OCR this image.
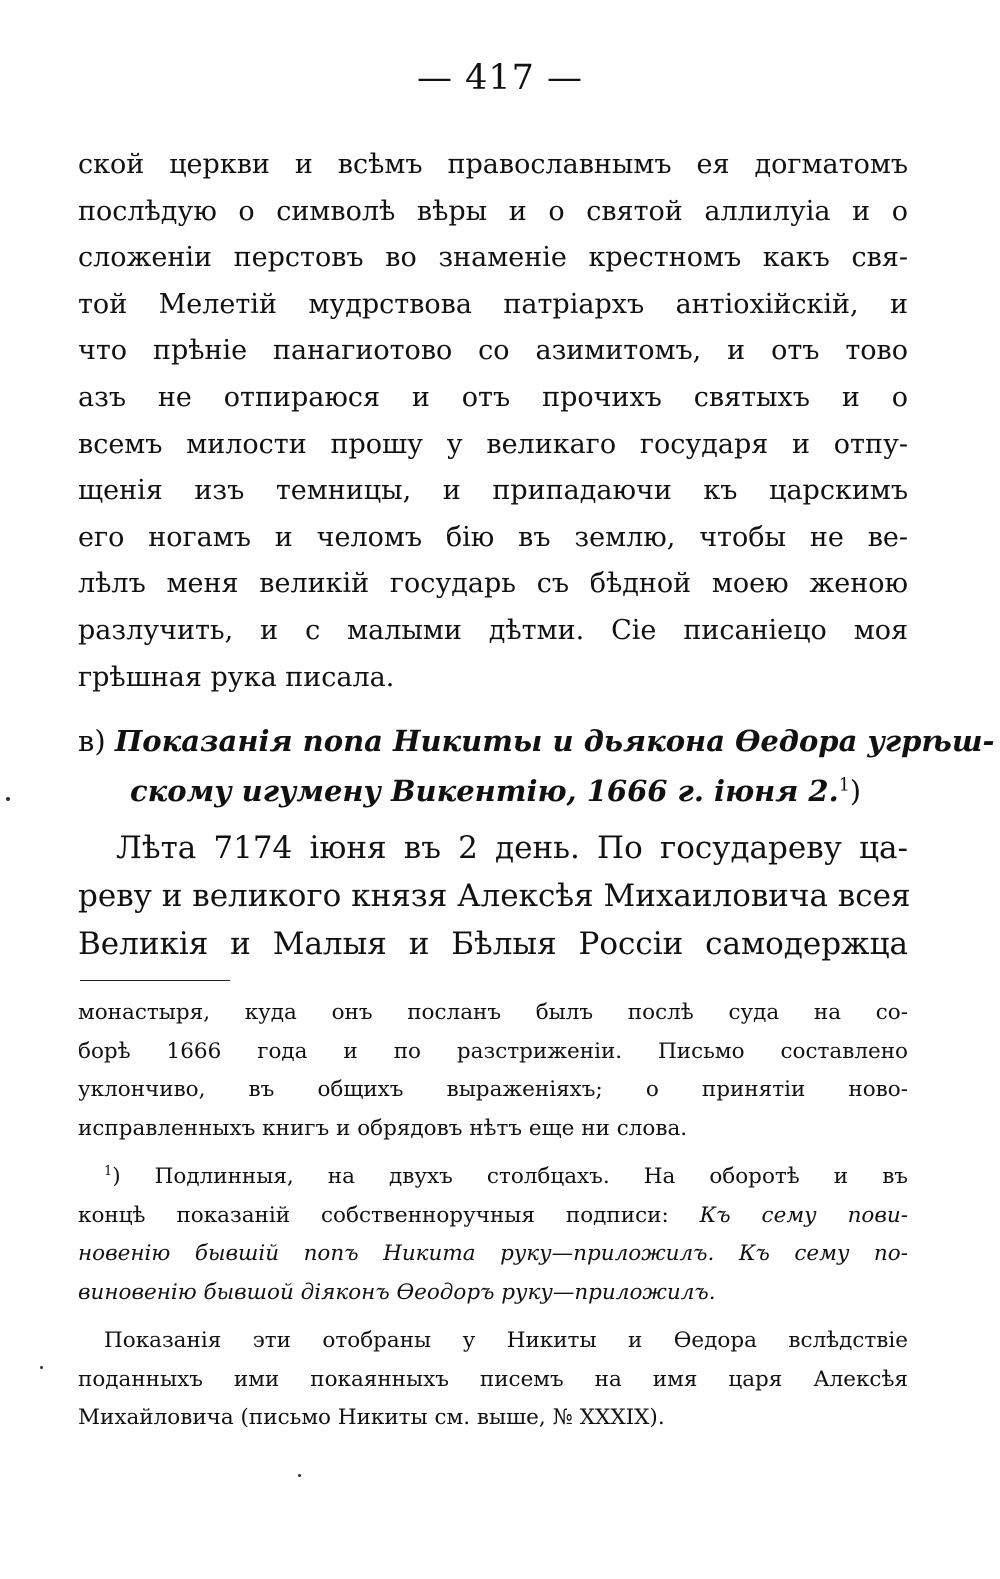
— 417 —
ской церкви и всѣмъ православнымъ ея догматомъ
послѣдую о символѣ вѣры и о святой аллилуіа и о
сложеніи перстовъ во знаменіе крестномъ какъ свя-
той Мелетій мудрствова патріархъ антіохійскій, и
что прѣніе панагиотово со азимитомъ, и отъ тово
азъ не отпираюся и отъ прочихъ святыхъ и о
всемъ милости прошу у великаго государя и отпу-
щенія изъ темницы, и припадаючи къ царскимъ
его ногамъ и челомъ бію въ землю, чтобы не ве-
лѣлъ меня великій государь съ бѣдной моею женою
разлучить, и с малыми дѣтми. Сіе писаніецо моя
грѣшная рука писала.
в) Показанія попа Никиты и дьякона Ѳедора угрѣш-
скому игумену Викентію, 1666 г. іюня 2.$^1$)
Лѣта 7174 іюня въ 2 день. По государеву ца-
реву и великого князя Алексѣя Михаиловича всея
Великія и Малыя и Бѣлыя Россіи самодержца
монастыря, куда онъ посланъ былъ послѣ суда на со-
борѣ 1666 года и по разстриженіи. Письмо составлено
уклончиво, въ общихъ выраженіяхъ; о принятіи ново-
исправленныхъ книгъ и обрядовъ нѣтъ еще ни слова.
$^1$) Подлинныя, на двухъ столбцахъ. На оборотѣ и въ
концѣ показаній собственноручныя подписи: Къ сему пови-
новенію бывшій попъ Никита руку—приложилъ. Къ сему по-
виновенію бывшой діяконъ Ѳеодоръ руку—приложилъ.
Показанія эти отобраны у Никиты и Ѳедора вслѣдствіе
поданныхъ ими покаянныхъ писемъ на имя царя Алексѣя
Михайловича (письмо Никиты см. выше, № XXXIX).
